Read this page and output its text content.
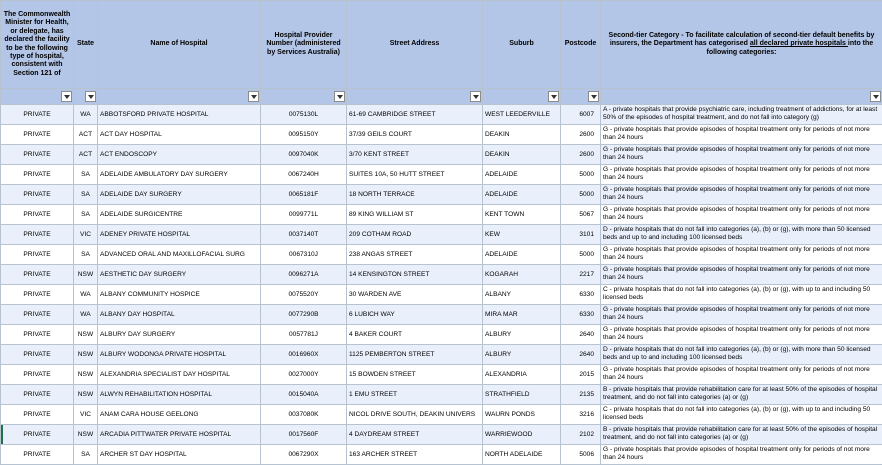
The Commonwealth Minister for Health, or delegate, has declared the facility to be the following type of hospital, consistent with Section 121 of	State	Name of Hospital	Hospital Provider Number (administered by Services Australia)	Street Address	Suburb	Postcode	Second-tier Category - To facilitate calculation of second-tier default benefits by insurers, the Department has categorised all declared private hospitals into the following categories:

PRIVATE	WA	ABBOTSFORD PRIVATE HOSPITAL	0075130L	61-69 CAMBRIDGE STREET	WEST LEEDERVILLE	6007	A - private hospitals that provide psychiatric care, including treatment of addictions, for at least 50% of the episodes of hospital treatment, and do not fall into category (g)
PRIVATE	ACT	ACT DAY HOSPITAL	0095150Y	37/39 GEILS COURT	DEAKIN	2600	G - private hospitals that provide episodes of hospital treatment only for periods of not more than 24 hours
PRIVATE	ACT	ACT ENDOSCOPY	0097040K	3/70 KENT STREET	DEAKIN	2600	G - private hospitals that provide episodes of hospital treatment only for periods of not more than 24 hours
PRIVATE	SA	ADELAIDE AMBULATORY DAY SURGERY	0067240H	SUITES 10A, 50 HUTT STREET	ADELAIDE	5000	G - private hospitals that provide episodes of hospital treatment only for periods of not more than 24 hours
PRIVATE	SA	ADELAIDE DAY SURGERY	0065181F	18 NORTH TERRACE	ADELAIDE	5000	G - private hospitals that provide episodes of hospital treatment only for periods of not more than 24 hours
PRIVATE	SA	ADELAIDE SURGICENTRE	0099771L	89 KING WILLIAM ST	KENT TOWN	5067	G - private hospitals that provide episodes of hospital treatment only for periods of not more than 24 hours
PRIVATE	VIC	ADENEY PRIVATE HOSPITAL	0037140T	209 COTHAM ROAD	KEW	3101	D - private hospitals that do not fall into categories (a), (b) or (g), with more than 50 licensed beds and up to and including 100 licensed beds
PRIVATE	SA	ADVANCED ORAL AND MAXILLOFACIAL SURG	0067310J	238 ANGAS STREET	ADELAIDE	5000	G - private hospitals that provide episodes of hospital treatment only for periods of not more than 24 hours
PRIVATE	NSW	AESTHETIC DAY SURGERY	0096271A	14 KENSINGTON STREET	KOGARAH	2217	G - private hospitals that provide episodes of hospital treatment only for periods of not more than 24 hours
PRIVATE	WA	ALBANY COMMUNITY HOSPICE	0075520Y	30 WARDEN AVE	ALBANY	6330	C - private hospitals that do not fall into categories (a), (b) or (g), with up to and including 50 licensed beds
PRIVATE	WA	ALBANY DAY HOSPITAL	0077290B	6 LUBICH WAY	MIRA MAR	6330	G - private hospitals that provide episodes of hospital treatment only for periods of not more than 24 hours
PRIVATE	NSW	ALBURY DAY SURGERY	0057781J	4 BAKER COURT	ALBURY	2640	G - private hospitals that provide episodes of hospital treatment only for periods of not more than 24 hours
PRIVATE	NSW	ALBURY WODONGA PRIVATE HOSPITAL	0016960X	1125 PEMBERTON STREET	ALBURY	2640	D - private hospitals that do not fall into categories (a), (b) or (g), with more than 50 licensed beds and up to and including 100 licensed beds
PRIVATE	NSW	ALEXANDRIA SPECIALIST DAY HOSPITAL	0027000Y	15 BOWDEN STREET	ALEXANDRIA	2015	G - private hospitals that provide episodes of hospital treatment only for periods of not more than 24 hours
PRIVATE	NSW	ALWYN REHABILITATION HOSPITAL	0015040A	1 EMU STREET	STRATHFIELD	2135	B - private hospitals that provide rehabilitation care for at least 50% of the episodes of hospital treatment, and do not fall into categories (a) or (g)
PRIVATE	VIC	ANAM CARA HOUSE GEELONG	0037080K	NICOL DRIVE SOUTH, DEAKIN UNIVERS	WAURN PONDS	3216	C - private hospitals that do not fall into categories (a), (b) or (g), with up to and including 50 licensed beds
PRIVATE	NSW	ARCADIA PITTWATER PRIVATE HOSPITAL	0017560F	4 DAYDREAM STREET	WARRIEWOOD	2102	B - private hospitals that provide rehabilitation care for at least 50% of the episodes of hospital treatment, and do not fall into categories (a) or (g)
PRIVATE	SA	ARCHER ST DAY HOSPITAL	0067290X	163 ARCHER STREET	NORTH ADELAIDE	5006	G - private hospitals that provide episodes of hospital treatment only for periods of not more than 24 hours
